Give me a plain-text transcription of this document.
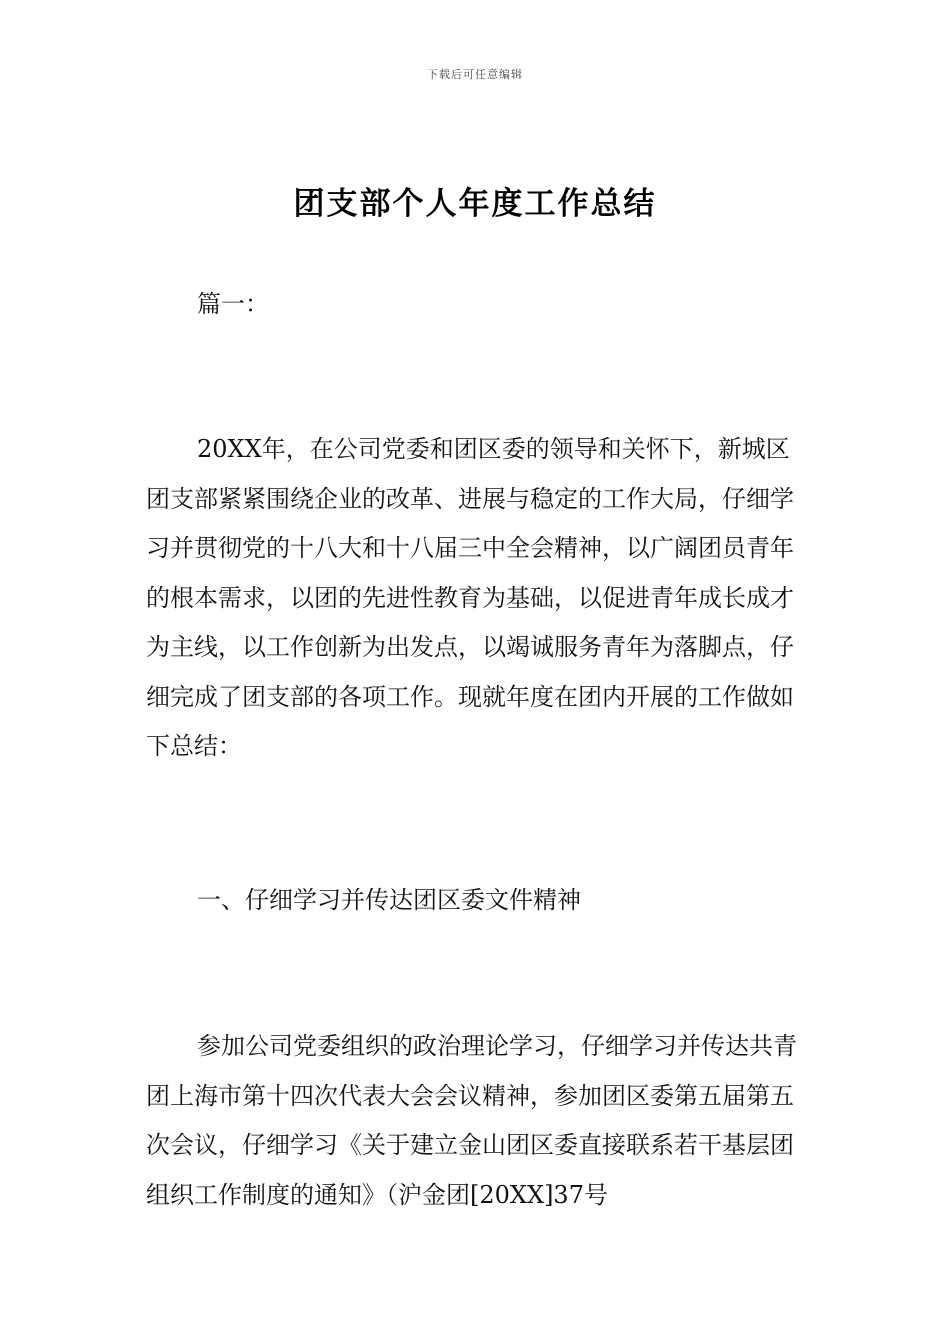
下载后可任意编辑
团支部个人年度工作总结
篇一：
20XX年，在公司党委和团区委的领导和关怀下，新城区团支部紧紧围绕企业的改革、进展与稳定的工作大局，仔细学习并贯彻党的十八大和十八届三中全会精神，以广阔团员青年的根本需求，以团的先进性教育为基础，以促进青年成长成才为主线，以工作创新为出发点，以竭诚服务青年为落脚点，仔细完成了团支部的各项工作。现就年度在团内开展的工作做如下总结：
一、仔细学习并传达团区委文件精神
参加公司党委组织的政治理论学习，仔细学习并传达共青团上海市第十四次代表大会会议精神，参加团区委第五届第五次会议，仔细学习《关于建立金山团区委直接联系若干基层团组织工作制度的通知》（沪金团[20XX]37号
